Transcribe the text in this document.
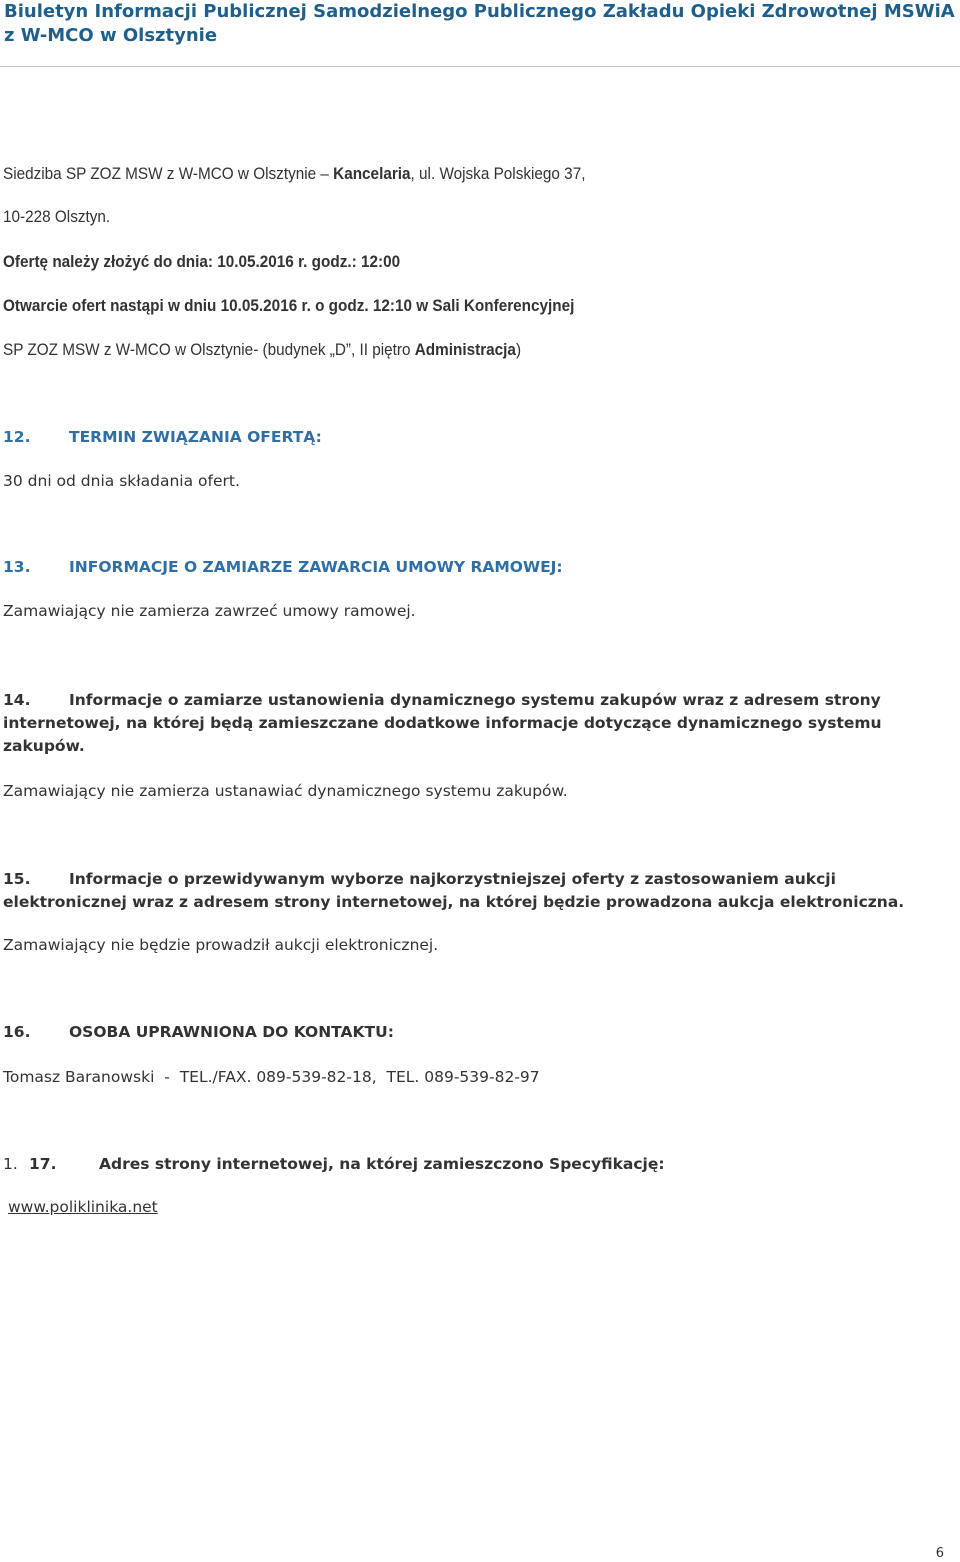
Biuletyn Informacji Publicznej Samodzielnego Publicznego Zakładu Opieki Zdrowotnej MSWiA z W-MCO w Olsztynie
Siedziba SP ZOZ MSW z W-MCO w Olsztynie – Kancelaria, ul. Wojska Polskiego 37,
10-228 Olsztyn.
Ofertę należy złożyć do dnia: 10.05.2016 r. godz.: 12:00
Otwarcie ofert nastąpi w dniu 10.05.2016 r. o godz. 12:10 w Sali Konferencyjnej
SP ZOZ MSW z W-MCO w Olsztynie- (budynek „D”, II piętro Administracja)
12. TERMIN ZWIĄZANIA OFERTĄ:
30 dni od dnia składania ofert.
13. INFORMACJE O ZAMIARZE ZAWARCIA UMOWY RAMOWEJ:
Zamawiający nie zamierza zawrzeć umowy ramowej.
14. Informacje o zamiarze ustanowienia dynamicznego systemu zakupów wraz z adresem strony internetowej, na której będą zamieszczane dodatkowe informacje dotyczące dynamicznego systemu zakupów.
Zamawiający nie zamierza ustanawiać dynamicznego systemu zakupów.
15. Informacje o przewidywanym wyborze najkorzystniejszej oferty z zastosowaniem aukcji elektronicznej wraz z adresem strony internetowej, na której będzie prowadzona aukcja elektroniczna.
Zamawiający nie będzie prowadził aukcji elektronicznej.
16. OSOBA UPRAWNIONA DO KONTAKTU:
Tomasz Baranowski  -  TEL./FAX. 089-539-82-18,  TEL. 089-539-82-97
1. 17.	Adres strony internetowej, na której zamieszczono Specyfikację:
www.poliklinika.net
6
